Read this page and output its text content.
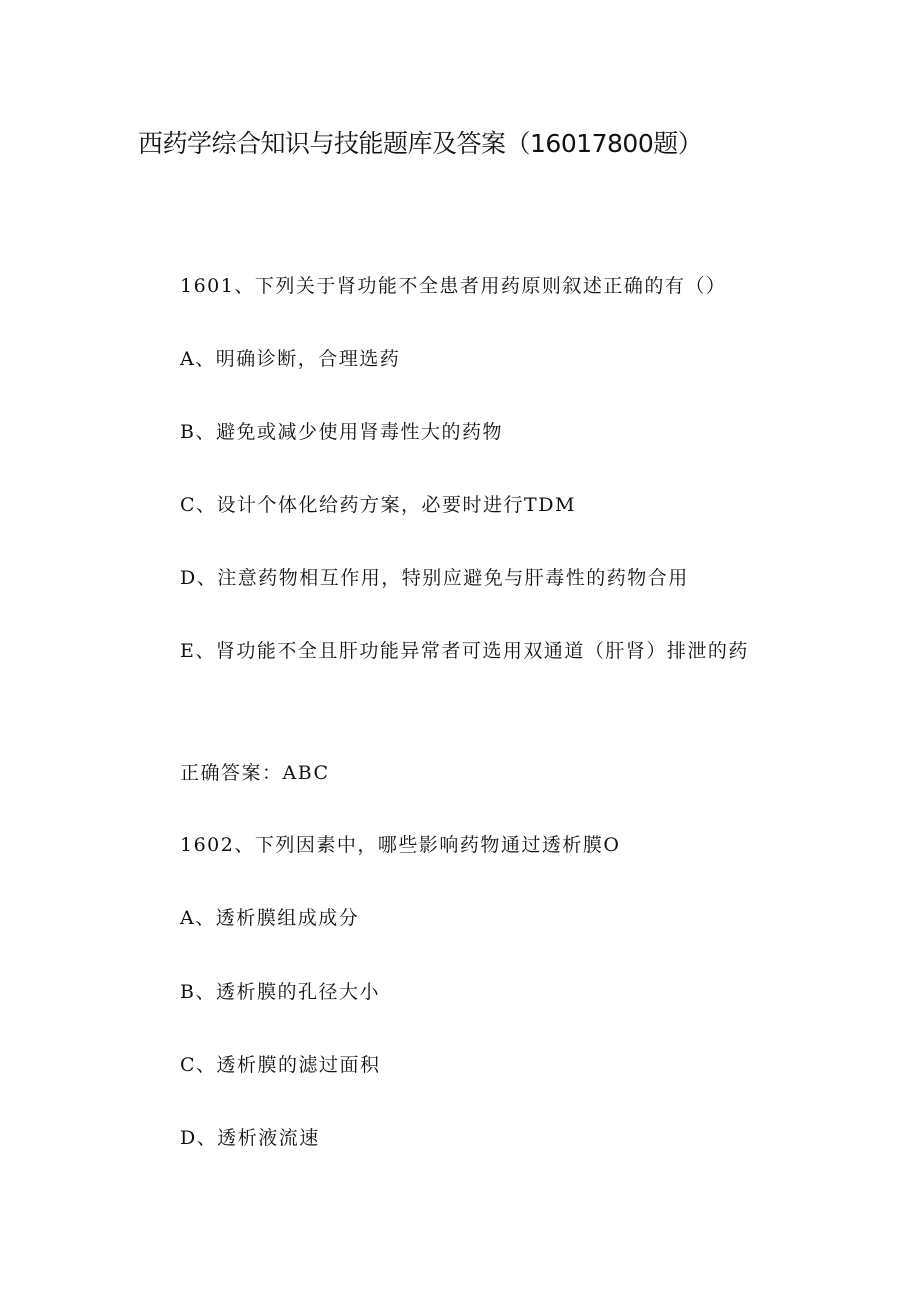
西药学综合知识与技能题库及答案（16017800题）

1601、下列关于肾功能不全患者用药原则叙述正确的有（）

A、明确诊断，合理选药

B、避免或减少使用肾毒性大的药物

C、设计个体化给药方案，必要时进行TDM

D、注意药物相互作用，特别应避免与肝毒性的药物合用

E、肾功能不全且肝功能异常者可选用双通道（肝肾）排泄的药

正确答案：ABC

1602、下列因素中，哪些影响药物通过透析膜O

A、透析膜组成成分

B、透析膜的孔径大小

C、透析膜的滤过面积

D、透析液流速
